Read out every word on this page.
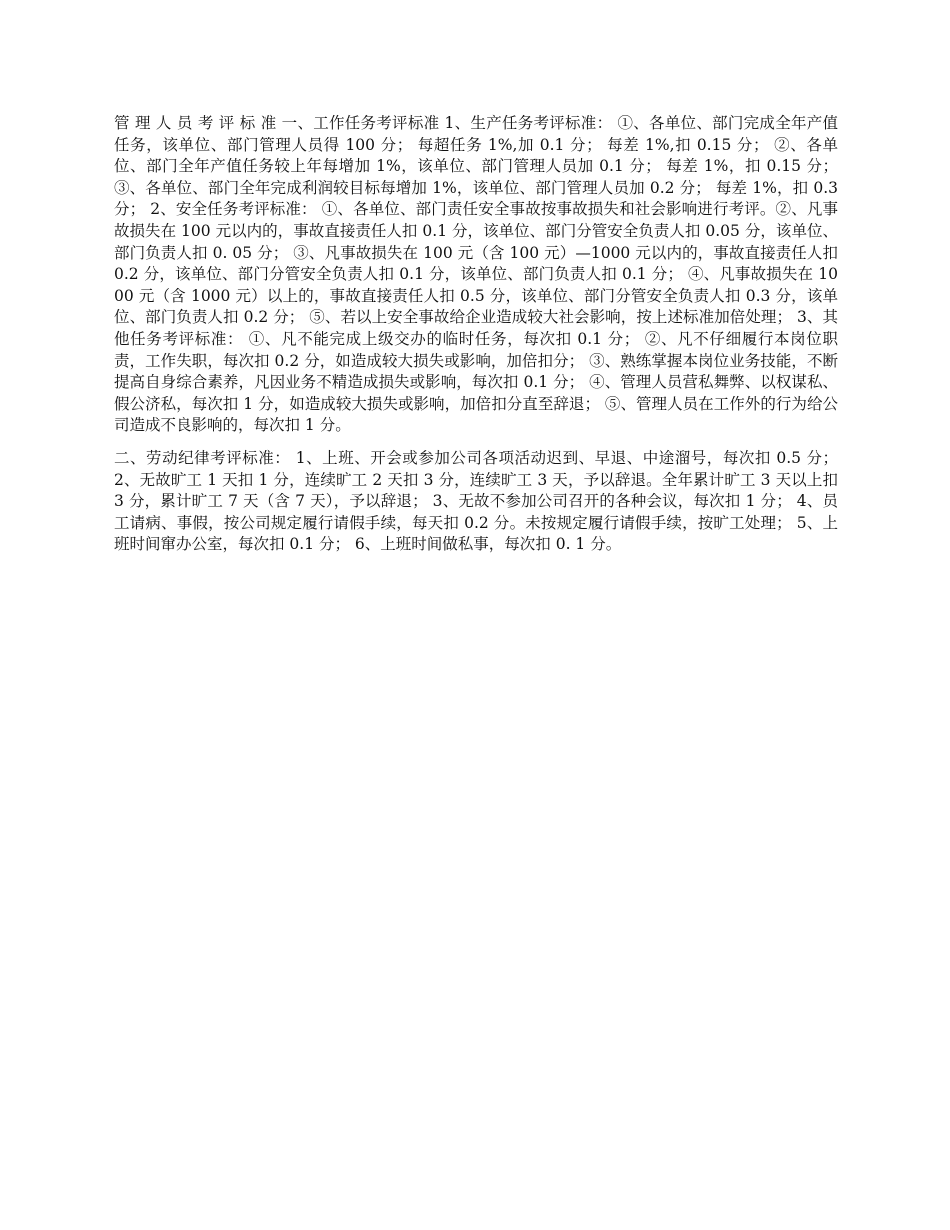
管 理 人 员 考 评 标 准 一、工作任务考评标准 1、生产任务考评标准： ①、各单位、部门完成全年产值任务，该单位、部门管理人员得 100 分； 每超任务 1%,加 0.1 分； 每差 1%,扣 0.15 分； ②、各单位、部门全年产值任务较上年每增加 1%，该单位、部门管理人员加 0.1 分； 每差 1%，扣 0.15 分； ③、各单位、部门全年完成利润较目标每增加 1%，该单位、部门管理人员加 0.2 分； 每差 1%，扣 0.3 分； 2、安全任务考评标准： ①、各单位、部门责任安全事故按事故损失和社会影响进行考评。②、凡事故损失在 100 元以内的，事故直接责任人扣 0.1 分，该单位、部门分管安全负责人扣 0.05 分，该单位、部门负责人扣 0. 05 分； ③、凡事故损失在 100 元（含 100 元）—1000 元以内的，事故直接责任人扣 0.2 分，该单位、部门分管安全负责人扣 0.1 分，该单位、部门负责人扣 0.1 分； ④、凡事故损失在 1000 元（含 1000 元）以上的，事故直接责任人扣 0.5 分，该单位、部门分管安全负责人扣 0.3 分，该单位、部门负责人扣 0.2 分； ⑤、若以上安全事故给企业造成较大社会影响，按上述标准加倍处理； 3、其他任务考评标准： ①、凡不能完成上级交办的临时任务，每次扣 0.1 分； ②、凡不仔细履行本岗位职责，工作失职，每次扣 0.2 分，如造成较大损失或影响，加倍扣分； ③、熟练掌握本岗位业务技能，不断提高自身综合素养，凡因业务不精造成损失或影响，每次扣 0.1 分； ④、管理人员营私舞弊、以权谋私、假公济私，每次扣 1 分，如造成较大损失或影响，加倍扣分直至辞退； ⑤、管理人员在工作外的行为给公司造成不良影响的，每次扣 1 分。

二、劳动纪律考评标准： 1、上班、开会或参加公司各项活动迟到、早退、中途溜号，每次扣 0.5 分； 2、无故旷工 1 天扣 1 分，连续旷工 2 天扣 3 分，连续旷工 3 天，予以辞退。全年累计旷工 3 天以上扣 3 分，累计旷工 7 天（含 7 天），予以辞退； 3、无故不参加公司召开的各种会议，每次扣 1 分； 4、员工请病、事假，按公司规定履行请假手续，每天扣 0.2 分。未按规定履行请假手续，按旷工处理； 5、上班时间窜办公室，每次扣 0.1 分； 6、上班时间做私事，每次扣 0. 1 分。
